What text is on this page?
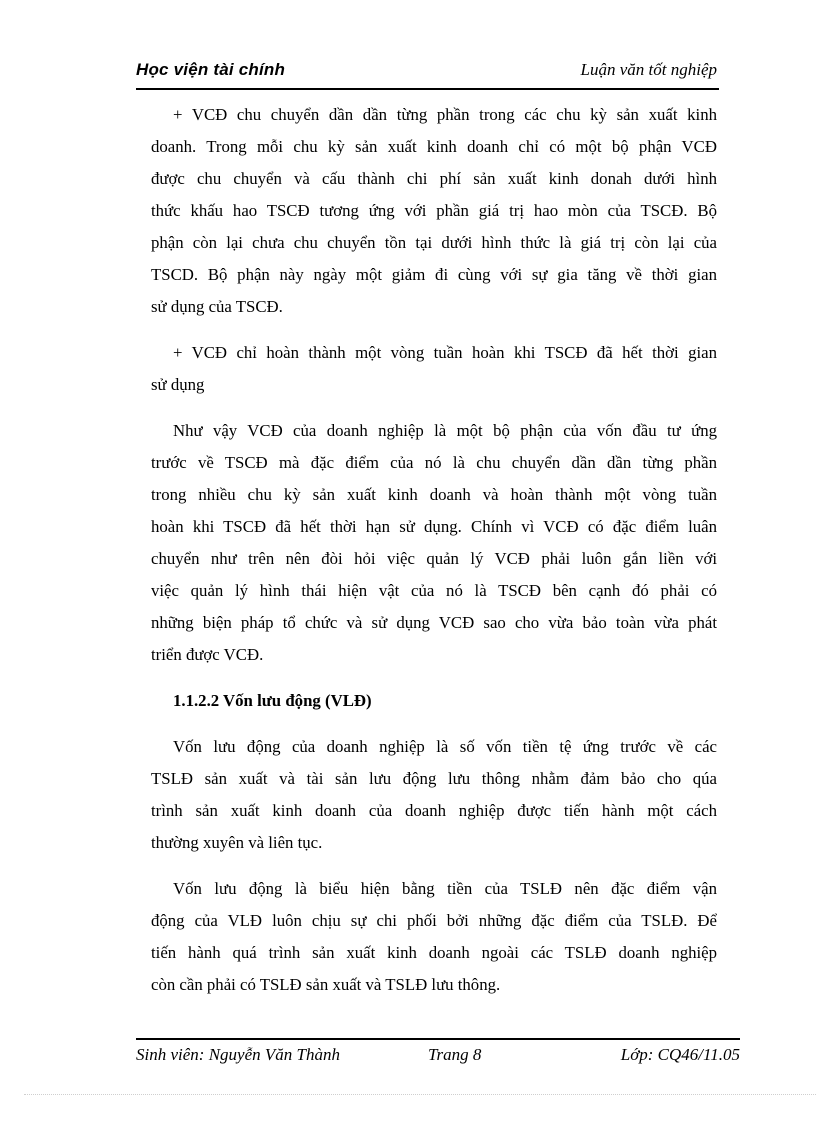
Học viện tài chính	Luận văn tốt nghiệp
+ VCĐ chu chuyển dần dần từng phần trong các chu kỳ sản xuất kinh
doanh. Trong mỗi chu kỳ sản xuất kinh doanh chỉ có một bộ phận VCĐ
được chu chuyển và cấu thành chi phí sản xuất kinh donah dưới hình
thức khấu hao TSCĐ tương ứng với phần giá trị hao mòn của TSCĐ. Bộ
phận còn lại chưa chu chuyển tồn tại dưới hình thức là giá trị còn lại của
TSCD. Bộ phận này ngày một giảm đi cùng với sự gia tăng về thời gian
sử dụng của TSCĐ.
+ VCĐ chỉ hoàn thành một vòng tuần hoàn khi TSCĐ đã hết thời gian
sử dụng
Như vậy VCĐ của doanh nghiệp là một bộ phận của vốn đầu tư ứng
trước về TSCĐ mà đặc điểm của nó là chu chuyển dần dần từng phần
trong nhiều chu kỳ sản xuất kinh doanh và hoàn thành một vòng tuần
hoàn khi TSCĐ đã hết thời hạn sử dụng. Chính vì VCĐ có đặc điểm luân
chuyển như trên nên đòi hỏi việc quản lý VCĐ phải luôn gắn liền với
việc quản lý hình thái hiện vật của nó là TSCĐ bên cạnh đó phải có
những biện pháp tổ chức và sử dụng VCĐ sao cho vừa bảo toàn vừa phát
triển được VCĐ.
1.1.2.2 Vốn lưu động (VLĐ)
Vốn lưu động của doanh nghiệp là số vốn tiền tệ ứng trước về các
TSLĐ sản xuất và tài sản lưu động lưu thông nhằm đảm bảo cho qúa
trình sản xuất kinh doanh của doanh nghiệp được tiến hành một cách
thường xuyên và liên tục.
Vốn lưu động là biểu hiện bằng tiền của TSLĐ nên đặc điểm vận
động của VLĐ luôn chịu sự chi phối bởi những đặc điểm của TSLĐ. Để
tiến hành quá trình sản xuất kinh doanh ngoài các TSLĐ doanh nghiệp
còn cần phải có TSLĐ sản xuất và TSLĐ lưu thông.
Sinh viên: Nguyễn Văn Thành	Trang 8	Lớp: CQ46/11.05
